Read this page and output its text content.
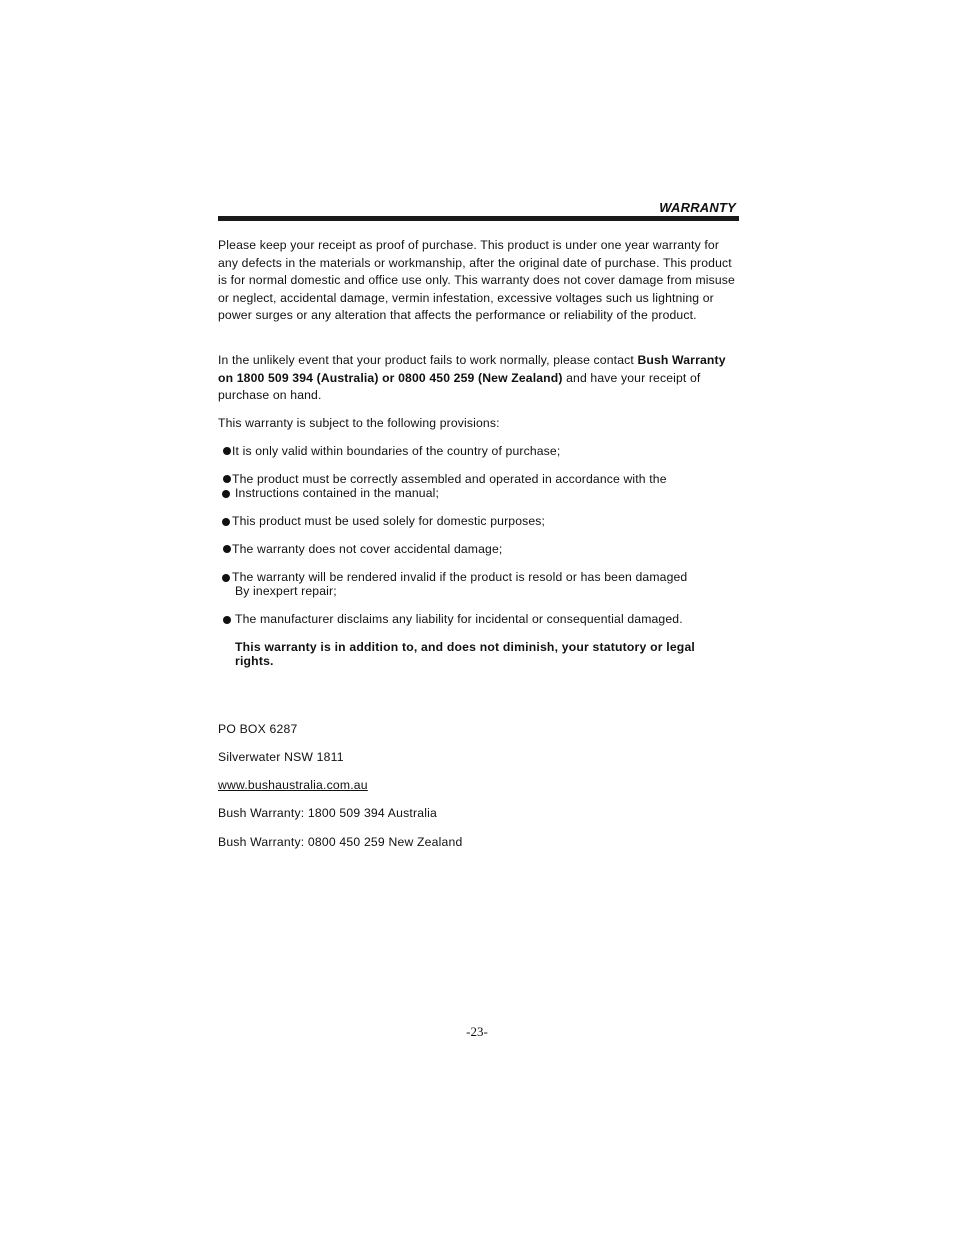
WARRANTY
Please keep your receipt as proof of purchase. This product is under one year warranty for any defects in the materials or workmanship, after the original date of purchase. This product is for normal domestic and office use only. This warranty does not cover damage from misuse or neglect, accidental damage, vermin infestation, excessive voltages such us lightning or power surges or any alteration that affects the performance or reliability of the product.
In the unlikely event that your product fails to work normally, please contact Bush Warranty on 1800 509 394 (Australia) or 0800 450 259 (New Zealand) and have your receipt of purchase on hand.
This warranty is subject to the following provisions:
It is only valid within boundaries of the country of purchase;
The product must be correctly assembled and operated in accordance with the
Instructions contained in the manual;
This product must be used solely for domestic purposes;
The warranty does not cover accidental damage;
The warranty will be rendered invalid if the product is resold or has been damaged
By inexpert repair;
The manufacturer disclaims any liability for incidental or consequential damaged.
This warranty is in addition to, and does not diminish, your statutory or legal rights.
PO BOX 6287
Silverwater NSW 1811
www.bushaustralia.com.au
Bush Warranty: 1800 509 394 Australia
Bush Warranty: 0800 450 259 New Zealand
-23-
